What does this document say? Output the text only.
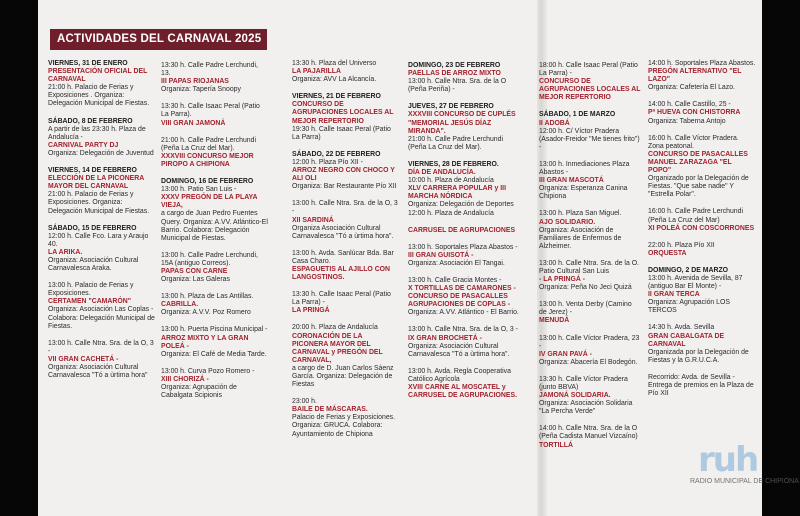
ACTIVIDADES DEL CARNAVAL 2025

VIERNES, 31 DE ENERO

PRESENTACIÓN OFICIAL DEL CARNAVAL

21:00 h. Palacio de Ferias y Exposiciones . Organiza: Delegación Municipal de Fiestas.

SÁBADO, 8 DE FEBRERO

A partir de las 23:30 h. Plaza de Andalucía -

CARNIVAL PARTY DJ

Organiza: Delegación de Juventud

VIERNES, 14 DE FEBRERO

ELECCIÓN DE LA PICONERA MAYOR DEL CARNAVAL

21:00 h. Palacio de Ferias y Exposiciones. Organiza: Delegación Municipal de Fiestas.

SÁBADO, 15 DE FEBRERO

12:00 h. Calle Fco. Lara y Araujo 40.

LA ARIKA.

Organiza: Asociación Cultural Carnavalesca Araka.

13:00 h. Palacio de Ferias y Exposiciones.

CERTAMEN "CAMARÓN"

Organiza: Asociación Las Coplas - Colabora: Delegación Municipal de Fiestas.

13:00 h. Calle Ntra. Sra. de la O, 3 -

VII GRAN CACHETÁ -

Organiza: Asociación Cultural Carnavalesca "Tó a ùrtima hora"

13:30 h. Calle Padre Lerchundi, 13.

III PAPAS RIOJANAS

Organiza: Tapería Snoopy

13:30 h. Calle Isaac Peral (Patio La Parra).

VIII GRAN JAMONÁ

21:00 h. Calle Padre Lerchundi (Peña La Cruz del Mar).

XXXVIII CONCURSO MEJOR PIROPO A CHIPIONA

DOMINGO, 16 DE FEBRERO

13:00 h. Patio San Luis -

XXXV PREGÓN DE LA PLAYA VIEJA,

a cargo de Juan Pedro Fuentes Query. Organiza: A.VV. Atlántico-El Barrio. Colabora: Delegación Municipal de Fiestas.

13:00 h. Calle Padre Lerchundi, 15A (antiguo Correos).

PAPAS CON CARNE

Organiza: Las Galeras

13:00 h. Plaza de Las Antillas.

CABRILLA.

Organiza: A.V.V. Poz Romero

13:00 h. Puerta Piscina Municipal -

ARROZ MIXTO Y LA GRAN POLEÁ -

Organiza: El Café de Media Tarde.

13:00 h. Curva Pozo Romero -

XIII CHORIZÁ -

Organiza: Agrupación de Cabalgata Scipionis

13:30 h. Plaza del Universo

LA PAJARILLA

Organiza: AVV La Alcancía.

VIERNES, 21 DE FEBRERO

CONCURSO DE AGRUPACIONES LOCALES AL MEJOR REPERTORIO

19:30 h. Calle Isaac Peral (Patio La Parra)

SÁBADO, 22 DE FEBRERO

12:00 h. Plaza Pío XII -

ARROZ NEGRO CON CHOCO Y ALI OLI

Organiza: Bar Restaurante Pío XII

13:00 h. Calle Ntra. Sra. de la O, 3 -

XII SARDINÁ

Organiza Asociación Cultural Carnavalesca "Tó a ùrtima hora".

13:00 h. Avda. Sanlúcar Bda. Bar Casa Charo.

ESPAGUETIS AL AJILLO CON LANGOSTINOS.

13:30 h. Calle Isaac Peral (Patio La Parra) -

LA PRINGÁ

20:00 h. Plaza de Andalucía

CORONACIÓN DE LA PICONERA MAYOR DEL CARNAVAL y PREGÓN DEL CARNAVAL,

a cargo de D. Juan Carlos Sáenz García. Organiza: Delegación de Fiestas

23:00 h.

BAILE DE MÁSCARAS.

Palacio de Ferias y Exposiciones. Organiza: GRUCA. Colabora: Ayuntamiento de Chipiona

DOMINGO, 23 DE FEBRERO

PAELLAS DE ARROZ MIXTO

13:00 h. Calle Ntra. Sra. de la O (Peña Periña) -

JUEVES, 27 DE FEBRERO

XXXVIII CONCURSO DE CUPLÉS "MEMORIAL JESÚS DÍAZ MIRANDA".

21:00 h. Calle Padre Lerchundi (Peña La Cruz del Mar).

VIERNES, 28 DE FEBRERO.

DÍA DE ANDALUCÍA.

10:00 h. Plaza de Andalucía

XLV CARRERA POPULAR y III MARCHA NÓRDICA

Organiza: Delegación de Deportes 12:00 h. Plaza de Andalucía

CARRUSEL DE AGRUPACIONES

13:00 h. Soportales Plaza Abastos -

III GRAN GUISOTÁ -

Organiza: Asociación El Tangai.

13:00 h. Calle Gracia Montes -

X TORTILLAS DE CAMARONES - CONCURSO DE PASACALLES AGRUPACIONES DE COPLAS -

Organiza: A.VV. Atlántico - El Barrio.

13:00 h. Calle Ntra. Sra. de la O, 3 -

IX GRAN BROCHETÁ -

Organiza: Asociación Cultural Carnavalesca "Tó a ùrtima hora".

13:00 h. Avda. Regla Cooperativa Católico Agrícola

XVIII CARNE AL MOSCATEL y CARRUSEL DE AGRUPACIONES.

18:00 h. Calle Isaac Peral (Patio La Parra) -

CONCURSO DE AGRUPACIONES LOCALES AL MEJOR REPERTORIO

SÁBADO, 1 DE MARZO

II ADOBÁ

12:00 h. C/ Víctor Pradera (Asador-Freidor "Me tienes frito") -

13:00 h. Inmediaciones Plaza Abastos -

III GRAN MASCOTÁ

Organiza: Esperanza Canina Chipiona

13:00 h. Plaza San Miguel.

AJO SOLIDARIO.

Organiza: Asociación de Familiares de Enfermos de Alzheimer.

13:00 h. Calle Ntra. Sra. de la O. Patio Cultural San Luis

- LA PRINGÁ -

Organiza: Peña No Jeci Quizá

13:00 h. Venta Derby (Camino de Jerez) -

MENUDÁ

13:00 h. Calle Víctor Pradera, 23 -

IV GRAN PAVÁ -

Organiza: Abacería El Bodegón.

13:30 h. Calle Víctor Pradera (junto BBVA)

JAMONÁ SOLIDARIA.

Organiza: Asociación Solidaria "La Percha Verde"

14:00 h. Calle Ntra. Sra. de la O (Peña Cadista Manuel Vizcaíno)

TORTILLÁ

14:00 h. Soportales Plaza Abastos.

PREGÓN ALTERNATIVO "EL LAZO"

Organiza: Cafetería El Lazo.

14:00 h. Calle Castillo, 25 -

Pª HUEVA CON CHISTORRA

Organiza: Taberna Antojo

16:00 h. Calle Víctor Pradera. Zona peatonal.

CONCURSO DE PASACALLES MANUEL ZARAZAGA "EL POPO"

Organizado por la Delegación de Fiestas. "Que sabe nadie" Y "Estrella Polar".

16:00 h. Calle Padre Lerchundi (Peña La Cruz del Mar)

XI POLEÁ CON COSCORRONES

22:00 h. Plaza Pío XII

ORQUESTA

DOMINGO, 2 DE MARZO

13:00 h. Avenida de Sevilla, 87 (antiguo Bar El Monte) -

II GRAN TERCA

Organiza: Agrupación LOS TERCOS

14:30 h. Avda. Sevilla

GRAN CABALGATA DE CARNAVAL

Organizada por la Delegación de Fiestas y la G.R.U.C.A.

Recorrido: Avda. de Sevilla - Entrega de premios en la Plaza de Pío XII

ruh
RADIO MUNICIPAL DE CHIPIONA
